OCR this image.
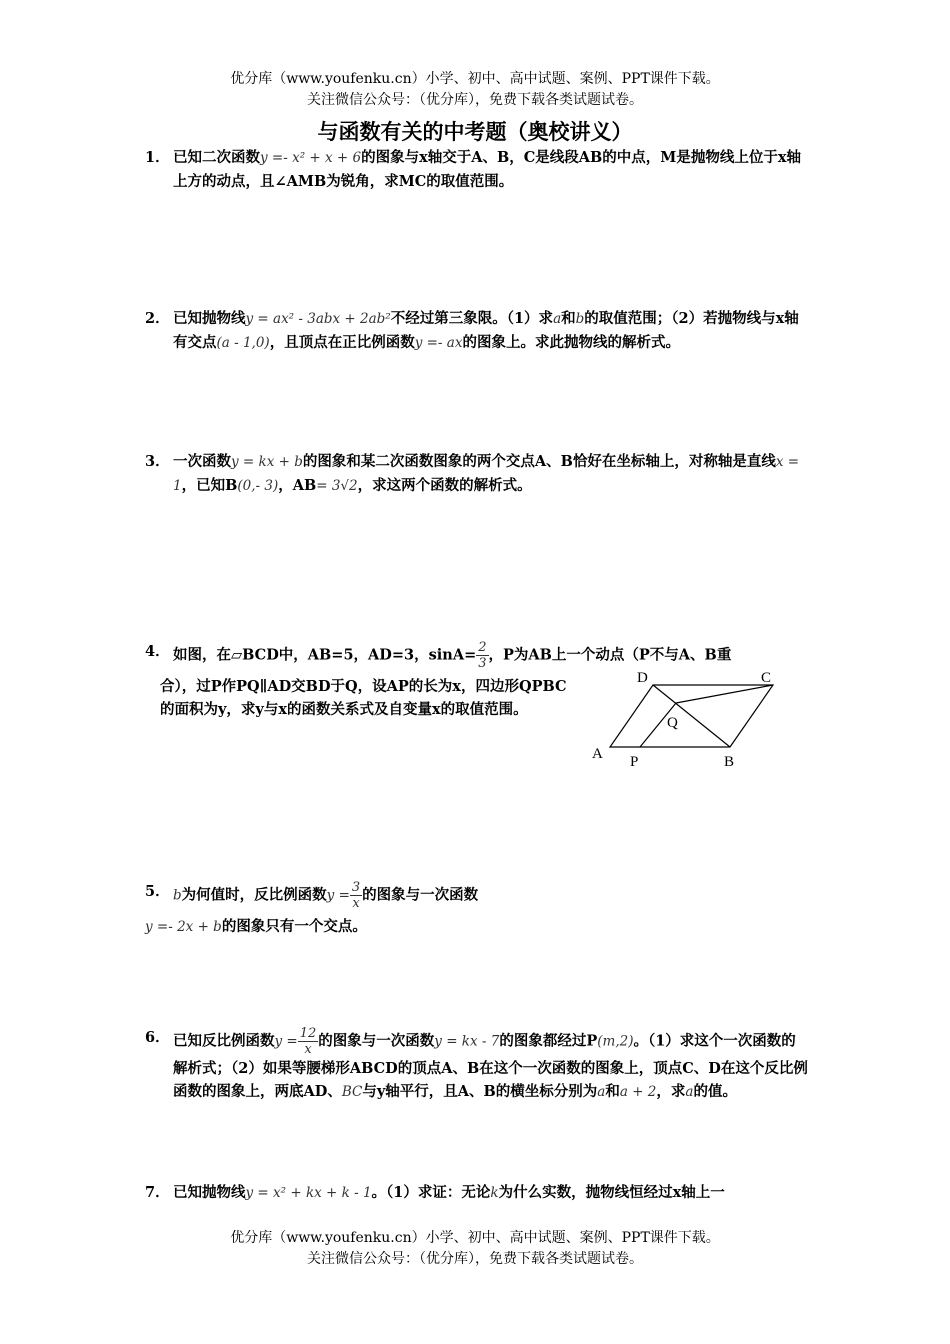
优分库（www.youfenku.cn）小学、初中、高中试题、案例、PPT课件下载。
关注微信公众号：（优分库），免费下载各类试题试卷。
与函数有关的中考题（奥校讲义）
1． 已知二次函数y =- x² + x + 6的图象与x轴交于A、B，C是线段AB的中点，M是抛物线上位于x轴上方的动点，且∠AMB为锐角，求MC的取值范围。
2． 已知抛物线y = ax² - 3abx + 2ab²不经过第三象限。（1）求a和b的取值范围；（2）若抛物线与x轴有交点(a - 1,0)，且顶点在正比例函数y =- ax的图象上。求此抛物线的解析式。
3． 一次函数y = kx + b的图象和某二次函数图象的两个交点A、B恰好在坐标轴上，对称轴是直线x = 1，已知B(0,- 3)，AB= 3√2，求这两个函数的解析式。
4． 如图，在▱BCD中，AB=5，AD=3，$\sin A= \frac{2}{3}$ ，P为AB上一个动点（P不与A、B重
合），过P作PQ∥AD交BD于Q，设AP的长为x，四边形QPBC的面积为y，求y与x的函数关系式及自变量x的取值范围。
A P	B
C
D
Q
5． b为何值时，反比例函数$y = \frac{3}{x}$ 的图象与一次函数
y =- 2x + b的图象只有一个交点。
6． 已知反比例函数$y = \frac{12}{x}$ 的图象与一次函数y = kx - 7的图象都经过P(m,2)。（1）求这个一次函数的解析式；（2）如果等腰梯形ABCD的顶点A、B在这个一次函数的图象上，顶点C、D在这个反比例函数的图象上，两底AD、BC与y轴平行，且A、B的横坐标分别为a和a + 2，求a的值。
7． 已知抛物线y = x² + kx + k - 1。（1）求证：无论k为什么实数，抛物线恒经过x轴上一
优分库（www.youfenku.cn）小学、初中、高中试题、案例、PPT课件下载。
关注微信公众号：（优分库），免费下载各类试题试卷。
